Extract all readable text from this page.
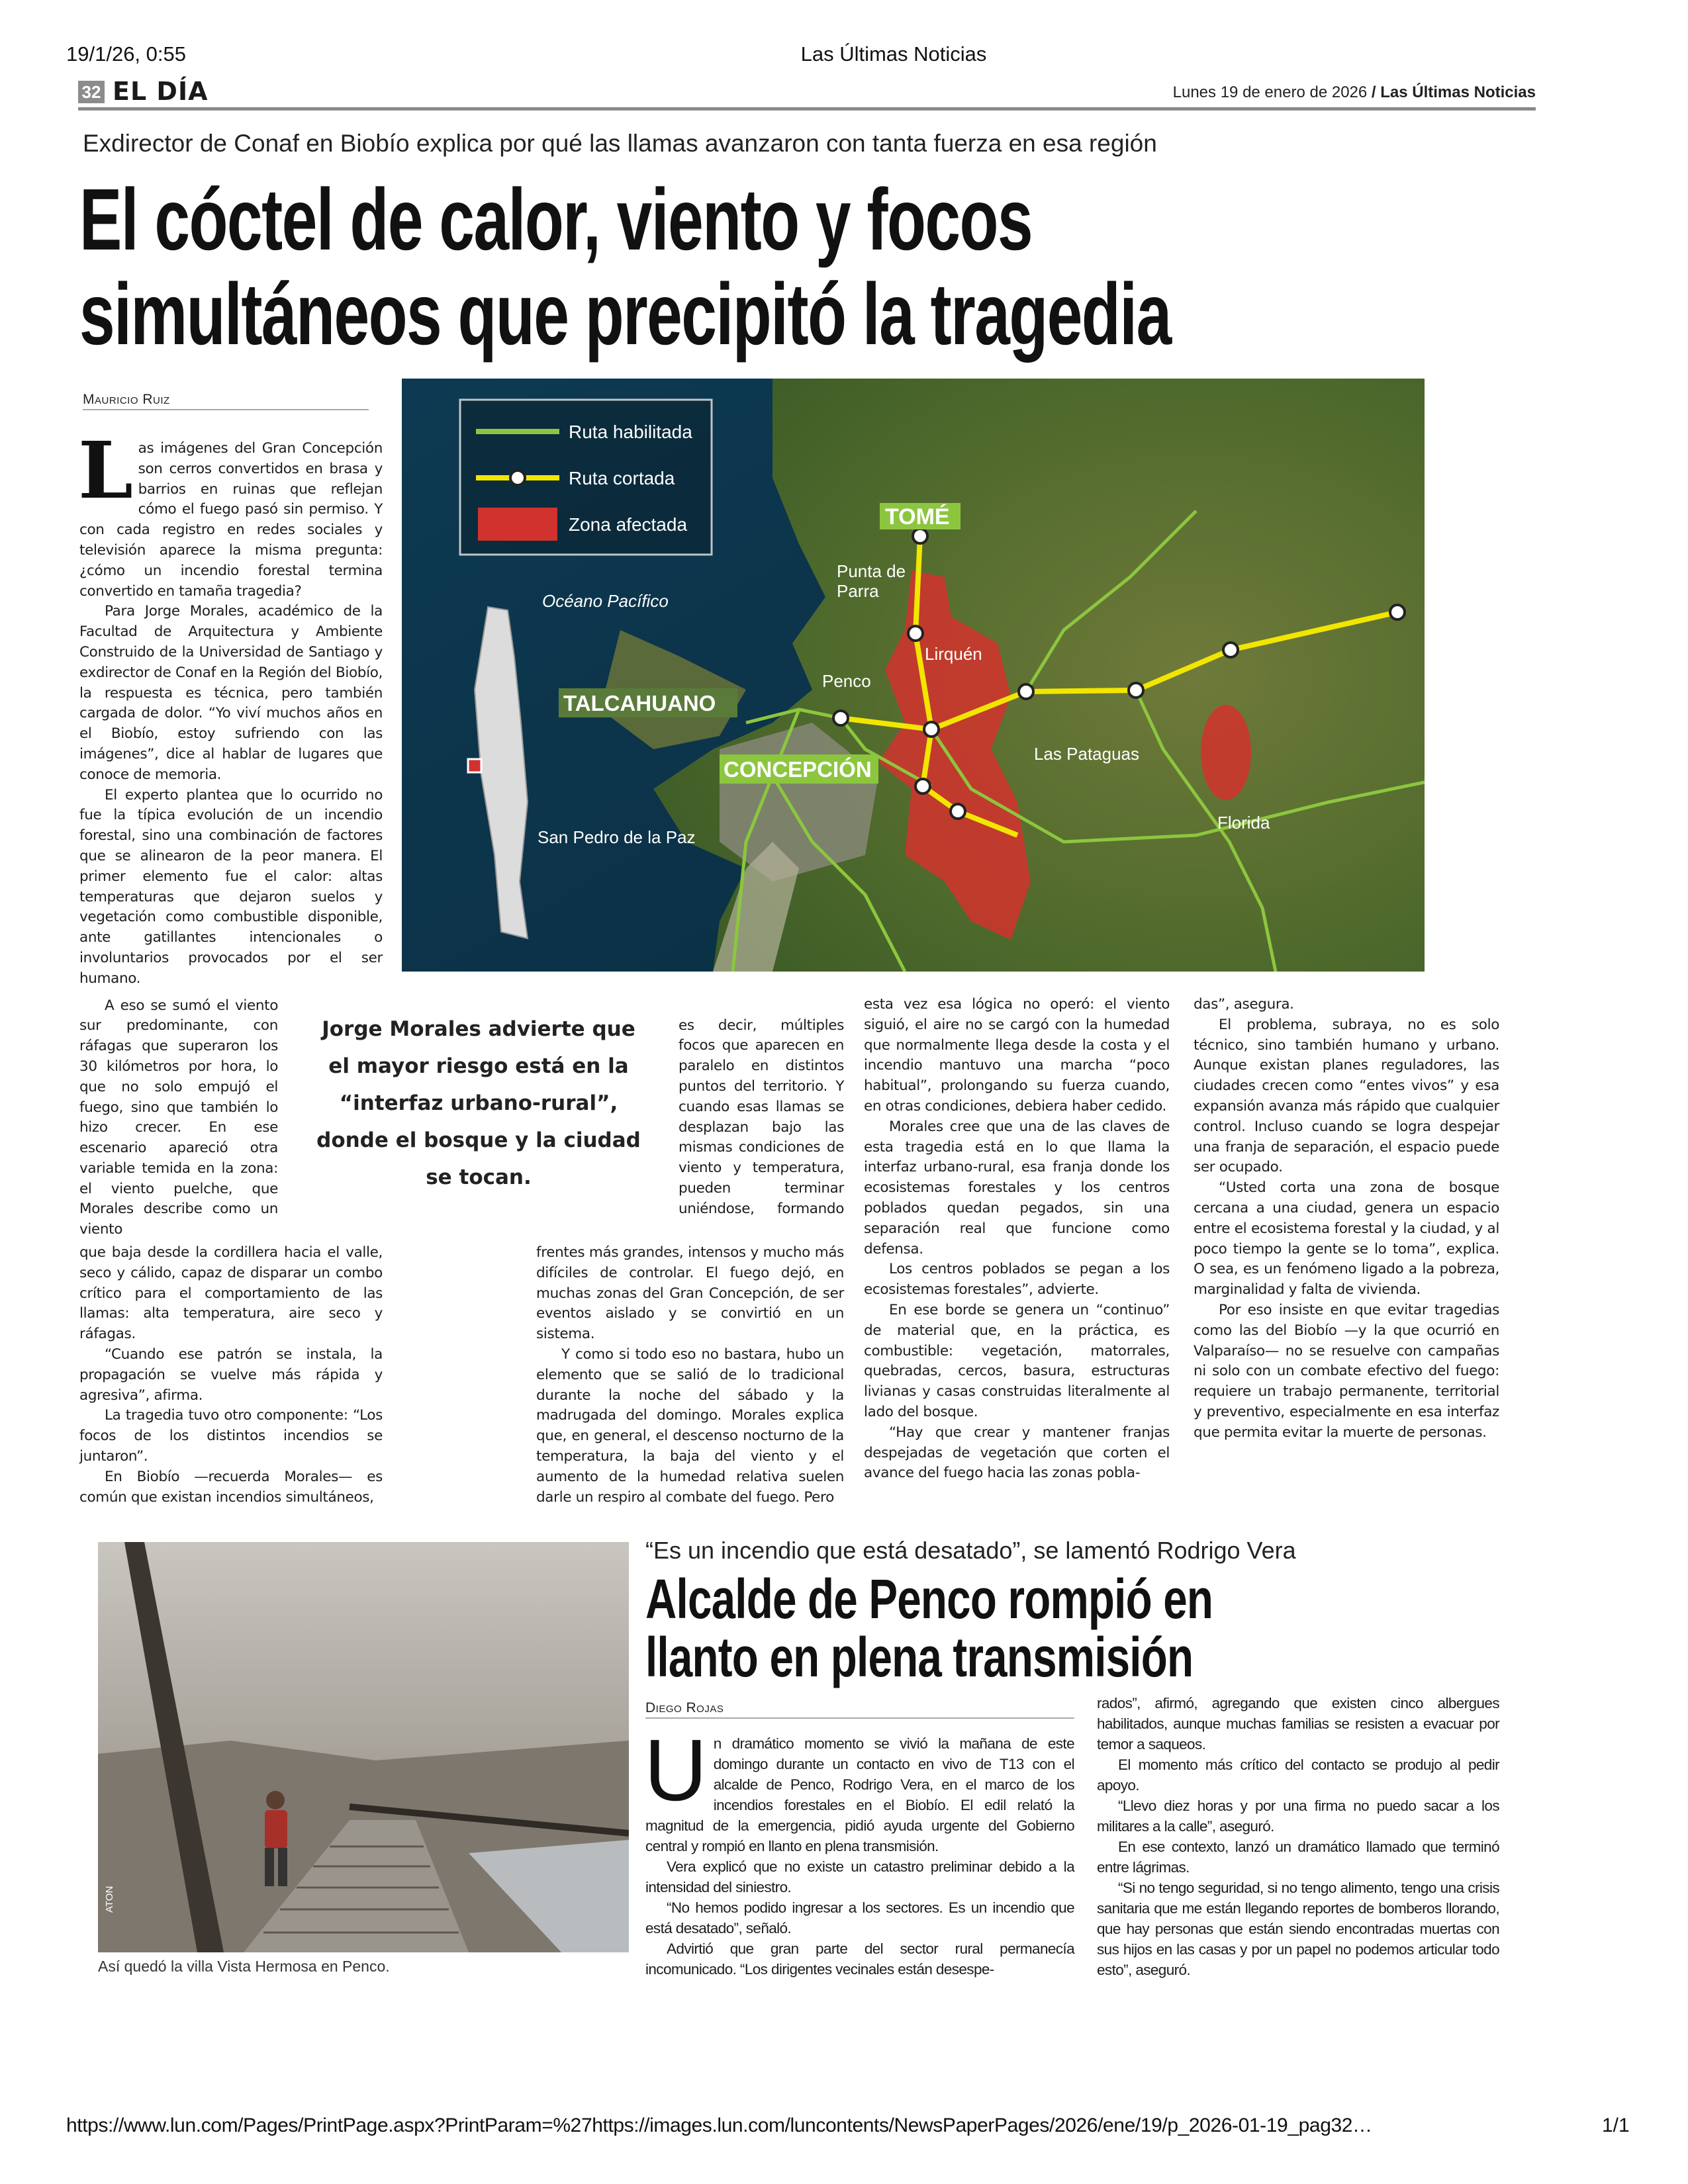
19/1/26, 0:55	Las Últimas Noticias
https://www.lun.com/Pages/PrintPage.aspx?PrintParam=%27https://images.lun.com/luncontents/NewsPaperPages/2026/ene/19/p_2026-01-19_pag32…	1/1
32 EL DÍA	Lunes 19 de enero de 2026 / Las Últimas Noticias
Exdirector de Conaf en Biobío explica por qué las llamas avanzaron con tanta fuerza en esa región
El cóctel de calor, viento y focos
simultáneos que precipitó la tragedia
Mauricio Ruiz
Ruta habilitada
Ruta cortada
Zona afectada	TOMÉ
Punta de
Parra
Lirquén
Penco
TALCAHUANO
CONCEPCIÓN
Las Pataguas
Florida
San Pedro de la Paz
Océano Pacífico
L as imágenes del Gran Concepción son cerros convertidos en brasa y barrios en ruinas que reflejan cómo el fuego pasó sin permiso. Y con cada registro en redes sociales y televisión aparece la misma pregunta: ¿cómo un incendio forestal termina convertido en tamaña tragedia?

Para Jorge Morales, académico de la Facultad de Arquitectura y Ambiente Construido de la Universidad de Santiago y exdirector de Conaf en la Región del Biobío, la respuesta es técnica, pero también cargada de dolor. “Yo viví muchos años en el Biobío, estoy sufriendo con las imágenes”, dice al hablar de lugares que conoce de memoria.

El experto plantea que lo ocurrido no fue la típica evolución de un incendio forestal, sino una combinación de factores que se alinearon de la peor manera. El primer elemento fue el calor: altas temperaturas que dejaron suelos y vegetación como combustible disponible, ante gatillantes intencionales o involuntarios provocados por el ser humano.

A eso se sumó el viento sur predominante, con ráfagas que superaron los 30 kilómetros por hora, lo que no solo empujó el fuego, sino que también lo hizo crecer. En ese escenario apareció otra variable temida en la zona: el viento puelche, que Morales describe como un viento

Jorge Morales advierte que
el mayor riesgo está en la
“interfaz urbano-rural”,
donde el bosque y la ciudad
se tocan.

es decir, múltiples focos que aparecen en paralelo en distintos puntos del territorio. Y cuando esas llamas se desplazan bajo las mismas condiciones de viento y temperatura, pueden terminar uniéndose, formando

que baja desde la cordillera hacia el valle, seco y cálido, capaz de disparar un combo crítico para el comportamiento de las llamas: alta temperatura, aire seco y ráfagas.

“Cuando ese patrón se instala, la propagación se vuelve más rápida y agresiva”, afirma.

La tragedia tuvo otro componente: “Los focos de los distintos incendios se juntaron”.

En Biobío —recuerda Morales— es común que existan incendios simultáneos,

frentes más grandes, intensos y mucho más difíciles de controlar. El fuego dejó, en muchas zonas del Gran Concepción, de ser eventos aislado y se convirtió en un sistema.

Y como si todo eso no bastara, hubo un elemento que se salió de lo tradicional durante la noche del sábado y la madrugada del domingo. Morales explica que, en general, el descenso nocturno de la temperatura, la baja del viento y el aumento de la humedad relativa suelen darle un respiro al combate del fuego. Pero

esta vez esa lógica no operó: el viento siguió, el aire no se cargó con la humedad que normalmente llega desde la costa y el incendio mantuvo una marcha “poco habitual”, prolongando su fuerza cuando, en otras condiciones, debiera haber cedido.

Morales cree que una de las claves de esta tragedia está en lo que llama la interfaz urbano-rural, esa franja donde los ecosistemas forestales y los centros poblados quedan pegados, sin una separación real que funcione como defensa.

Los centros poblados se pegan a los ecosistemas forestales”, advierte.

En ese borde se genera un “continuo” de material que, en la práctica, es combustible: vegetación, matorrales, quebradas, cercos, basura, estructuras livianas y casas construidas literalmente al lado del bosque.

“Hay que crear y mantener franjas despejadas de vegetación que corten el avance del fuego hacia las zonas pobla-

das”, asegura.

El problema, subraya, no es solo técnico, sino también humano y urbano. Aunque existan planes reguladores, las ciudades crecen como “entes vivos” y esa expansión avanza más rápido que cualquier control. Incluso cuando se logra despejar una franja de separación, el espacio puede ser ocupado.

“Usted corta una zona de bosque cercana a una ciudad, genera un espacio entre el ecosistema forestal y la ciudad, y al poco tiempo la gente se lo toma”, explica. O sea, es un fenómeno ligado a la pobreza, marginalidad y falta de vivienda.

Por eso insiste en que evitar tragedias como las del Biobío —y la que ocurrió en Valparaíso— no se resuelve con campañas ni solo con un combate efectivo del fuego: requiere un trabajo permanente, territorial y preventivo, especialmente en esa interfaz que permita evitar la muerte de personas.

ATON
Así quedó la villa Vista Hermosa en Penco.
“Es un incendio que está desatado”, se lamentó Rodrigo Vera
Alcalde de Penco rompió en
llanto en plena transmisión
Diego Rojas
U n dramático momento se vivió la mañana de este domingo durante un contacto en vivo de T13 con el alcalde de Penco, Rodrigo Vera, en el marco de los incendios forestales en el Biobío. El edil relató la magnitud de la emergencia, pidió ayuda urgente del Gobierno central y rompió en llanto en plena transmisión.

Vera explicó que no existe un catastro preliminar debido a la intensidad del siniestro.

“No hemos podido ingresar a los sectores. Es un incendio que está desatado”, señaló.

Advirtió que gran parte del sector rural permanecía incomunicado. “Los dirigentes vecinales están desespe-

rados”, afirmó, agregando que existen cinco albergues habilitados, aunque muchas familias se resisten a evacuar por temor a saqueos.

El momento más crítico del contacto se produjo al pedir apoyo.

“Llevo diez horas y por una firma no puedo sacar a los militares a la calle”, aseguró.

En ese contexto, lanzó un dramático llamado que terminó entre lágrimas.

“Si no tengo seguridad, si no tengo alimento, tengo una crisis sanitaria que me están llegando reportes de bomberos llorando, que hay personas que están siendo encontradas muertas con sus hijos en las casas y por un papel no podemos articular todo esto”, aseguró.
